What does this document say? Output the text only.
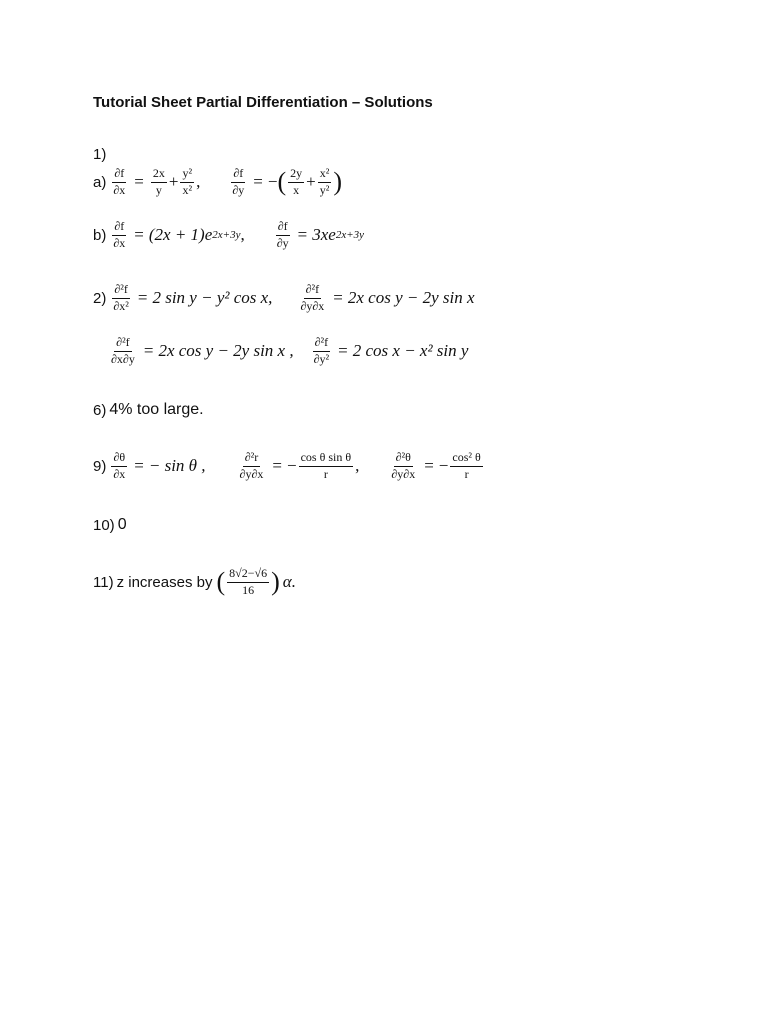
Tutorial Sheet Partial Differentiation – Solutions
1)
$a) \frac{\partial f}{\partial x} = \frac{2x}{y} + \frac{\text{y²}}{\text{x²}}$ ,	$\frac{\partial f}{\partial y}$ = − ( $\frac{2y}{x} + \frac{\text{x²}}{\text{y²}}$ )
$b) \frac{\partial f}{\partial x} = (2x + 1)e$ 2x+3y ,	$\frac{\partial f}{\partial y} = 3xe$ 2x+3y
$2) \frac{\text{∂²f}}{\text{∂x²}} = 2$ sin y − y² cos x, $\frac{\text{∂²f}}{\partial y\partial x} = 2x$ cos y − 2y sin x
$\frac{\text{∂²f}}{\partial x\partial y} = 2x$ cos y − 2y sin x , $\frac{\text{∂²f}}{\text{∂y²}} = 2$ cos x − x² sin y
6) 4% too large.
$9) \frac{\partial\theta}{\partial x}$ = − sin θ ,	$\frac{\text{∂²r}}{\partial y\partial x}$ = − $\frac{\text{cos θ sin θ}}{r}$ ,	$\frac{\text{∂²θ}}{\partial y\partial x}$ = − $\frac{\text{cos² θ}}{r}$
10) 0
11) z increases by ( $\frac{8√2-√6}{16}$ ) α.
